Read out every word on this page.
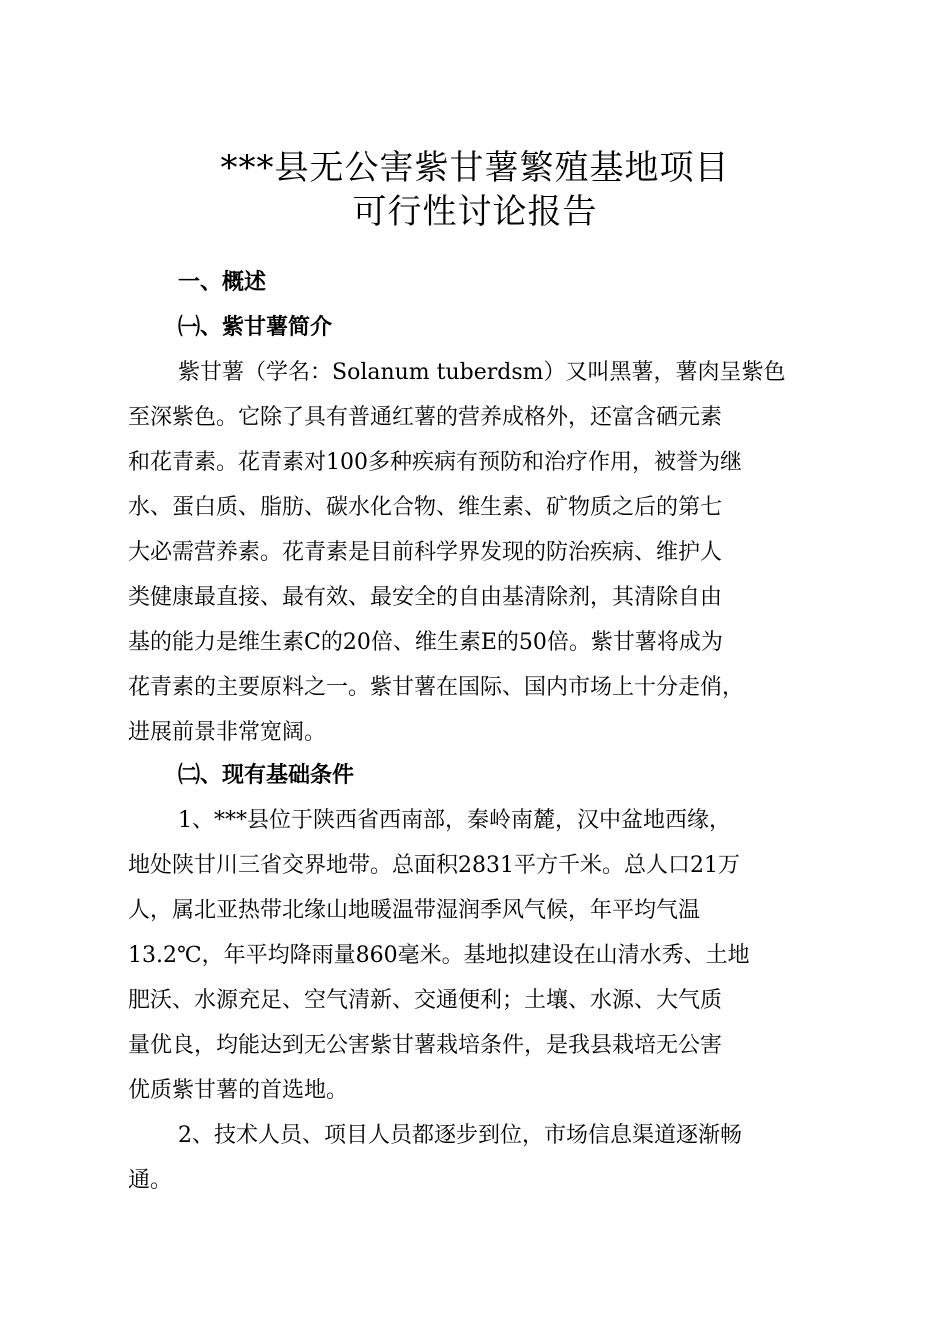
***县无公害紫甘薯繁殖基地项目
可行性讨论报告
一、概述
㈠、紫甘薯简介
紫甘薯（学名：Solanum tuberdsm）又叫黑薯，薯肉呈紫色
至深紫色。它除了具有普通红薯的营养成格外，还富含硒元素
和花青素。花青素对100多种疾病有预防和治疗作用，被誉为继
水、蛋白质、脂肪、碳水化合物、维生素、矿物质之后的第七
大必需营养素。花青素是目前科学界发现的防治疾病、维护人
类健康最直接、最有效、最安全的自由基清除剂，其清除自由
基的能力是维生素C的20倍、维生素E的50倍。紫甘薯将成为
花青素的主要原料之一。紫甘薯在国际、国内市场上十分走俏，
进展前景非常宽阔。
㈡、现有基础条件
1、***县位于陕西省西南部，秦岭南麓，汉中盆地西缘，
地处陕甘川三省交界地带。总面积2831平方千米。总人口21万
人，属北亚热带北缘山地暖温带湿润季风气候，年平均气温
13.2℃，年平均降雨量860毫米。基地拟建设在山清水秀、土地
肥沃、水源充足、空气清新、交通便利；土壤、水源、大气质
量优良，均能达到无公害紫甘薯栽培条件，是我县栽培无公害
优质紫甘薯的首选地。
2、技术人员、项目人员都逐步到位，市场信息渠道逐渐畅
通。
